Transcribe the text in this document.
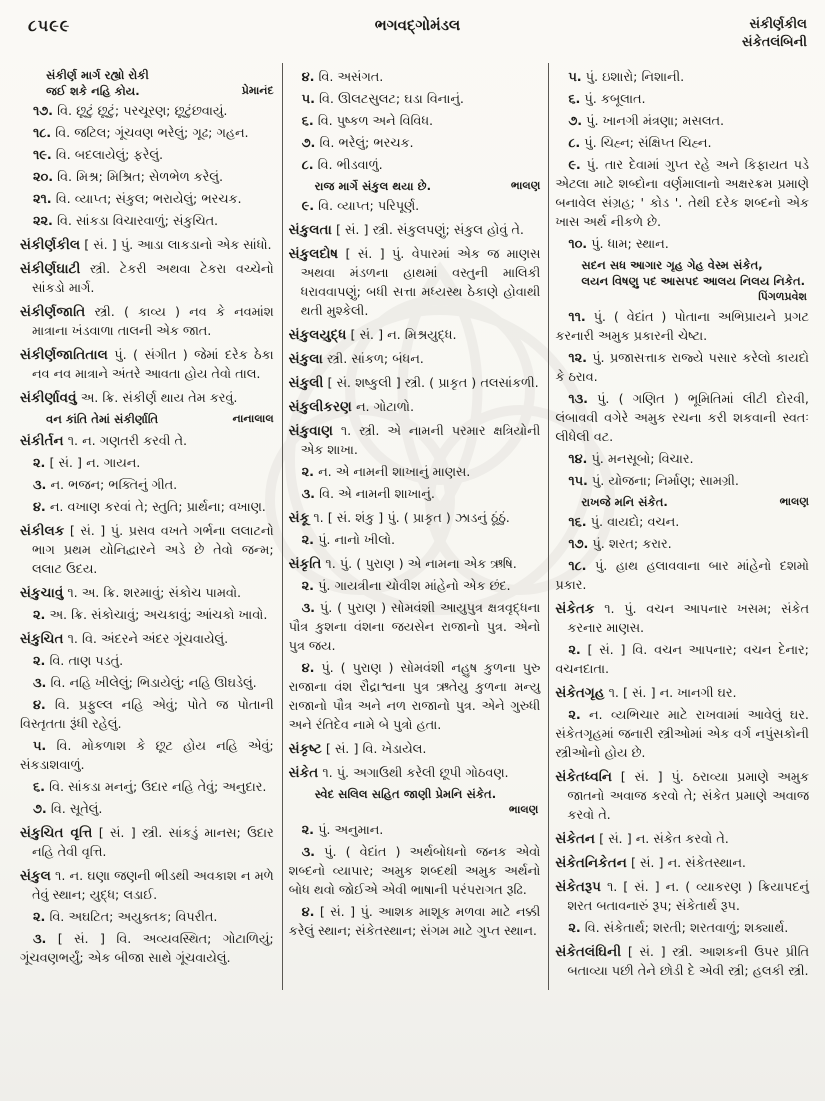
૮૫૯૯	ભગવદ્ગોમંડલ	સંકીર્ણકીલ
સંકેતલંબિની
સંકીર્ણ માર્ગ રહ્યો રોકી
જઈ શકે નહિ કોય.	પ્રેમાનંદ

૧૭. વિ. છૂટું છૂટું; પરચૂરણ; છૂટુંછવાયું.

૧૮. વિ. જટિલ; ગૂંચવણ ભરેલું; ગૂઢ; ગહન.

૧૯. વિ. બદલાયેલું; ફરેલું.

૨૦. વિ. મિશ્ર; મિશ્રિત; સેળભેળ કરેલું.

૨૧. વિ. વ્યાપ્ત; સંકુલ; ભરાયેલું; ભરચક.

૨૨. વિ. સાંકડા વિચારવાળું; સંકુચિત.

સંકીર્ણકીલ [ સં. ] પું. આડા લાકડાનો એક સાંધો.

સંકીર્ણઘાટી સ્ત્રી. ટેકરી અથવા ટેકરા વચ્ચેનો સાંકડો માર્ગ.

સંકીર્ણજાતિ સ્ત્રી. ( કાવ્ય ) નવ કે નવમાંશ માત્રાના ખંડવાળા તાલની એક જાત.

સંકીર્ણજાતિતાલ પું. ( સંગીત ) જેમાં દરેક ઠેકા નવ નવ માત્રાને અંતરે આવતા હોય તેવો તાલ.

સંકીર્ણાવવું અ. ક્રિ. સંકીર્ણ થાય તેમ કરવું.

વન કાંતિ તેમાં સંકીર્ણાતિ	નાનાલાલ

સંકીર્તન ૧. ન. ગણતરી કરવી તે.

૨. [ સં. ] ન. ગાયન.

૩. ન. ભજન; ભક્તિનું ગીત.

૪. ન. વખાણ કરવાં તે; સ્તુતિ; પ્રાર્થના; વખાણ.

સંકીલક [ સં. ] પું. પ્રસવ વખતે ગર્ભના લલાટનો ભાગ પ્રથમ યોનિદ્વારને અડે છે તેવો જન્મ; લલાટ ઉદય.

સંકુચાવું ૧. અ. ક્રિ. શરમાવું; સંકોચ પામવો.

૨. અ. ક્રિ. સંકોચાવું; અચકાવું; આંચકો ખાવો.

સંકુચિત ૧. વિ. અંદરને અંદર ગૂંચવાયેલું.

૨. વિ. તાણ પડતું.

૩. વિ. નહિ ખીલેલું; ભિડાયેલું; નહિ ઊઘડેલું.

૪. વિ. પ્રફુલ્લ નહિ એવું; પોતે જ પોતાની વિસ્તૃતતા રૂંધી રહેલું.

૫. વિ. મોકળાશ કે છૂટ હોય નહિ એવું; સંકડાશવાળું.

૬. વિ. સાંકડા મનનું; ઉદાર નહિ તેવું; અનુદાર.

૭. વિ. સૂતેલું.

સંકુચિત વૃત્તિ [ સં. ] સ્ત્રી. સાંકડું માનસ; ઉદાર નહિ તેવી વૃત્તિ.

સંકુલ ૧. ન. ઘણા જણની ભીડથી અવકાશ ન મળે તેવું સ્થાન; યુદ્ધ; લડાઈ.

૨. વિ. અઘટિત; અયુક્તક; વિપરીત.

૩. [ સં. ] વિ. અવ્યવસ્થિત; ગોટાળિયું; ગૂંચવણભર્યું; એક બીજા સાથે ગૂંચવાયેલું.

૪. વિ. અસંગત.

૫. વિ. ઊલટસુલટ; ઘડા વિનાનું.

૬. વિ. પુષ્કળ અને વિવિધ.

૭. વિ. ભરેલું; ભરચક.

૮. વિ. ભીડવાળું.

રાજ માર્ગે સંકુલ થયા છે.	ભાલણ

૯. વિ. વ્યાપ્ત; પરિપૂર્ણ.

સંકુલતા [ સં. ] સ્ત્રી. સંકુલપણું; સંકુલ હોવું તે.

સંકુલદોષ [ સં. ] પું. વેપારમાં એક જ માણસ અથવા મંડળના હાથમાં વસ્તુની માલિકી ધરાવવાપણું; બધી સત્તા મધ્યસ્થ ઠેકાણે હોવાથી થતી મુશ્કેલી.

સંકુલયુદ્ધ [ સં. ] ન. મિશ્રયુદ્ધ.

સંકુલા સ્ત્રી. સાંકળ; બંધન.

સંકુલી [ સં. શષ્કુલી ] સ્ત્રી. ( પ્રાકૃત ) તલસાંકળી.

સંકુલીકરણ ન. ગોટાળો.

સંકુવાણ ૧. સ્ત્રી. એ નામની પરમાર ક્ષત્રિયોની એક શાખા.

૨. ન. એ નામની શાખાનું માણસ.

૩. વિ. એ નામની શાખાનું.

સંકૂ ૧. [ સં. શંકુ ] પું. ( પ્રાકૃત ) ઝાડનું ઠૂંઠું.

૨. પું. નાનો ખીલો.

સંકૃતિ ૧. પું. ( પુરાણ ) એ નામના એક ઋષિ.

૨. પું. ગાયત્રીના ચોવીશ માંહેનો એક છંદ.

૩. પું. ( પુરાણ ) સોમવંશી આયુપુત્ર ક્ષત્રવૃદ્ધના પૌત્ર કુશના વંશના જયસેન રાજાનો પુત્ર. એનો પુત્ર જય.

૪. પું. ( પુરાણ ) સોમવંશી નહુષ કુળના પુરુ રાજાના વંશ રૌદ્રાશ્વના પુત્ર ઋતેયુ કુળના મન્યુ રાજાનો પૌત્ર અને નળ રાજાનો પુત્ર. એને ગુરુધી અને રંતિદેવ નામે બે પુત્રો હતા.

સંકૃષ્ટ [ સં. ] વિ. ખેડાયેલ.

સંકેત ૧. પું. અગાઉથી કરેલી છૂપી ગોઠવણ.

સ્વેદ સલિલ સહિત જાણી પ્રેમનિ સંકેત.
ભાલણ

૨. પું. અનુમાન.

૩. પું. ( વેદાંત ) અર્થબોધનો જનક એવો શબ્દનો વ્યાપાર; અમુક શબ્દથી અમુક અર્થનો બોધ થવો જોઈએ એવી ભાષાની પરંપરાગત રૂઢિ.

૪. [ સં. ] પું. આશક માશૂક મળવા માટે નક્કી કરેલું સ્થાન; સંકેતસ્થાન; સંગમ માટે ગુપ્ત સ્થાન.

૫. પું. ઇશારો; નિશાની.

૬. પું. કબૂલાત.

૭. પું. ખાનગી મંત્રણા; મસલત.

૮. પું. ચિહ્ન; સંક્ષિપ્ત ચિહ્ન.

૯. પું. તાર દેવામાં ગુપ્ત રહે અને કિફાયત પડે એટલા માટે શબ્દોના વર્ણમાલાનો અક્ષરક્રમ પ્રમાણે બનાવેલ સંગ્રહ; ' કોડ '. તેથી દરેક શબ્દનો એક ખાસ અર્થ નીકળે છે.

૧૦. પું. ધામ; સ્થાન.

સદન સધ આગાર ગૃહ ગેહ વેસ્મ સંકેત,
લયન વિષણુ પદ આસપદ આલય નિલય નિકેત.
પિંગળપ્રવેશ

૧૧. પું. ( વેદાંત ) પોતાના અભિપ્રાયને પ્રગટ કરનારી અમુક પ્રકારની ચેષ્ટા.

૧૨. પું. પ્રજાસત્તાક રાજ્યે પસાર કરેલો કાયદો કે ઠરાવ.

૧૩. પું. ( ગણિત ) ભૂમિતિમાં લીટી દોરવી, લંબાવવી વગેરે અમુક રચના કરી શકવાની સ્વતઃ લીધેલી વટ.

૧૪. પું. મનસૂબો; વિચાર.

૧૫. પું. યોજના; નિર્માણ; સામગ્રી.

રાખજે મનિ સંકેત.	ભાલણ

૧૬. પું. વાયદો; વચન.

૧૭. પું. શરત; કરાર.

૧૮. પું. હાથ હલાવવાના બાર માંહેનો દશમો પ્રકાર.

સંકેતક ૧. પું. વચન આપનાર ખસમ; સંકેત કરનાર માણસ.

૨. [ સં. ] વિ. વચન આપનાર; વચન દેનાર; વચનદાતા.

સંકેતગૃહ ૧. [ સં. ] ન. ખાનગી ઘર.

૨. ન. વ્યભિચાર માટે રાખવામાં આવેલું ઘર. સંકેતગૃહમાં જનારી સ્ત્રીઓમાં એક વર્ગ નપુંસકોની સ્ત્રીઓનો હોય છે.

સંકેતધ્વનિ [ સં. ] પું. ઠરાવ્યા પ્રમાણે અમુક જાતનો અવાજ કરવો તે; સંકેત પ્રમાણે અવાજ કરવો તે.

સંકેતન [ સં. ] ન. સંકેત કરવો તે.

સંકેતનિકેતન [ સં. ] ન. સંકેતસ્થાન.

સંકેતરૂપ ૧. [ સં. ] ન. ( વ્યાકરણ ) ક્રિયાપદનું શરત બતાવનારું રૂપ; સંકેતાર્થ રૂપ.

૨. વિ. સંકેતાર્થ; શરતી; શરતવાળું; શક્યાર્થ.

સંકેતલંઘિની [ સં. ] સ્ત્રી. આશકની ઉપર પ્રીતિ બતાવ્યા પછી તેને છોડી દે એવી સ્ત્રી; હલકી સ્ત્રી.
